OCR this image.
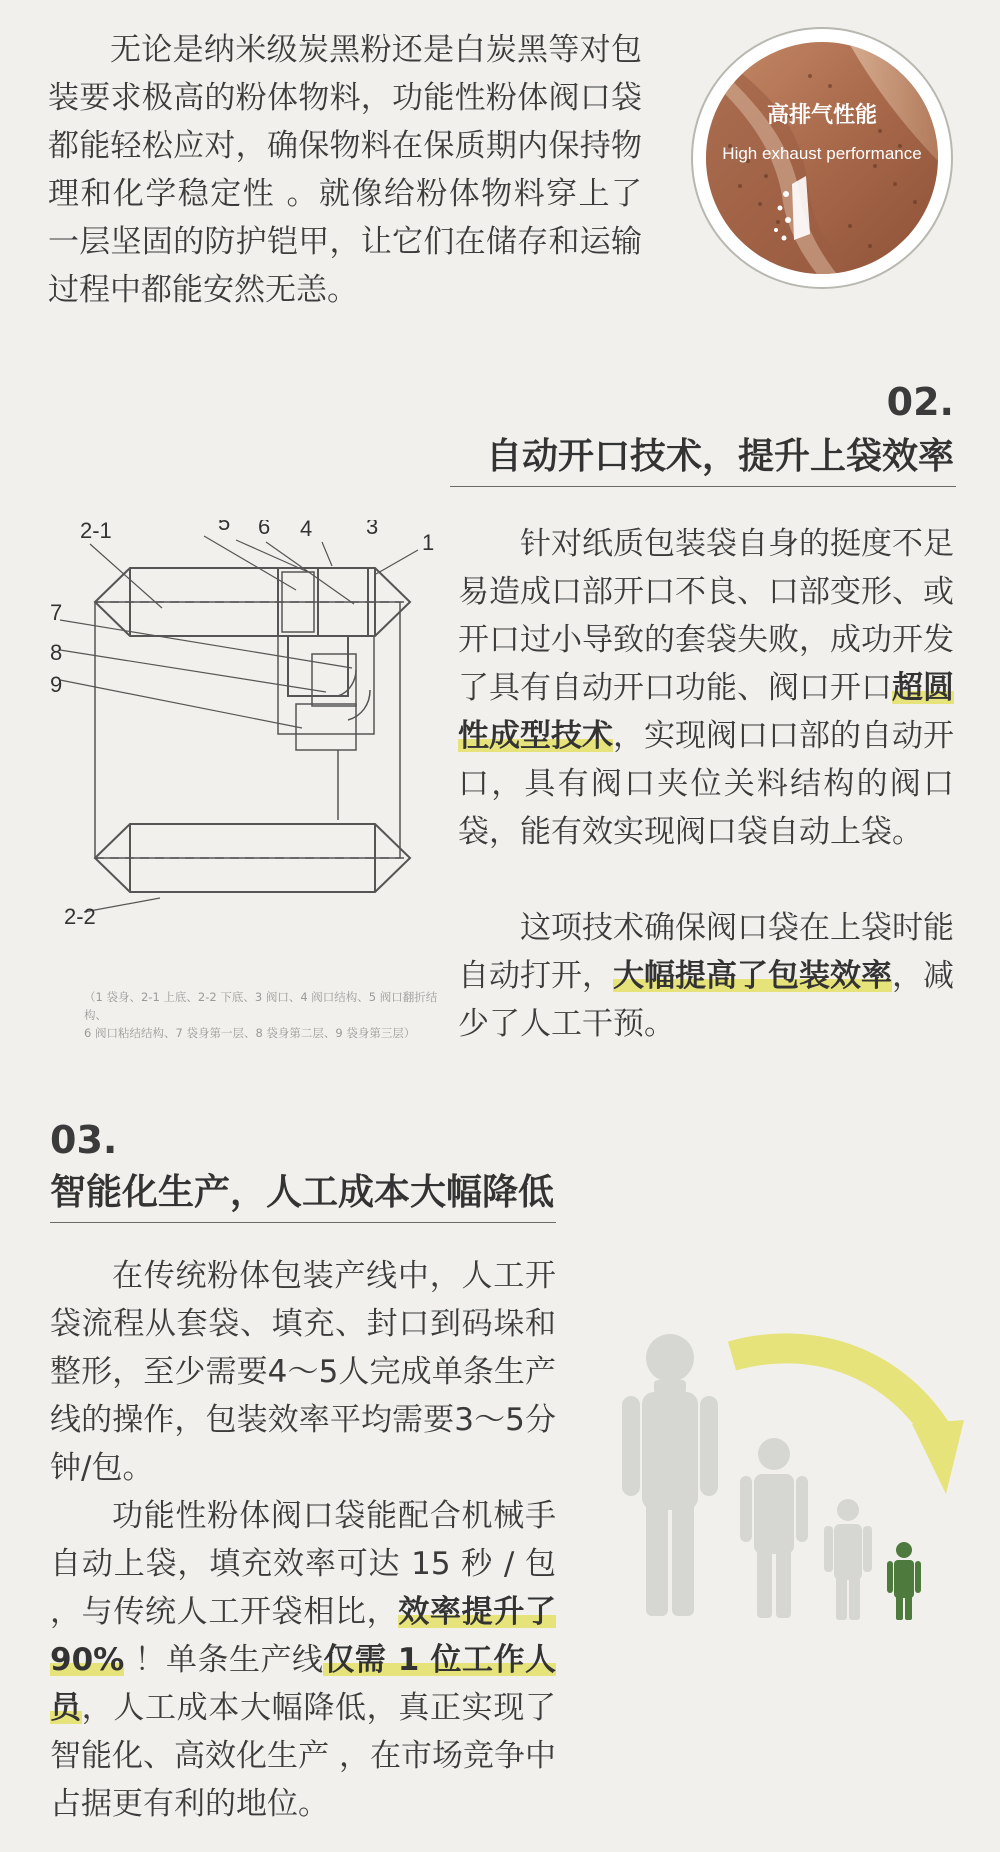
无论是纳米级炭黑粉还是白炭黑等对包装要求极高的粉体物料，功能性粉体阀口袋都能轻松应对，确保物料在保质期内保持物理和化学稳定性 。就像给粉体物料穿上了一层坚固的防护铠甲，让它们在储存和运输过程中都能安然无恙。

高排气性能
High exhaust performance
02.
自动开口技术，提升上袋效率
2-1	5 6 4 3
1
7
8
9
2-2

（1 袋身、2-1 上底、2-2 下底、3 阀口、4 阀口结构、5 阀口翻折结构、
6 阀口粘结结构、7 袋身第一层、8 袋身第二层、9 袋身第三层）

针对纸质包装袋自身的挺度不足易造成口部开口不良、口部变形、或开口过小导致的套袋失败，成功开发了具有自动开口功能、阀口开口超圆性成型技术，实现阀口口部的自动开口，具有阀口夹位关料结构的阀口袋，能有效实现阀口袋自动上袋。

这项技术确保阀口袋在上袋时能自动打开，大幅提高了包装效率，减少了人工干预。

03.
智能化生产，人工成本大幅降低

在传统粉体包装产线中，人工开袋流程从套袋、填充、封口到码垛和整形，至少需要4～5人完成单条生产线的操作，包装效率平均需要3～5分钟/包。

功能性粉体阀口袋能配合机械手自动上袋，填充效率可达 15 秒 / 包 ，与传统人工开袋相比，效率提升了 90% ！单条生产线仅需 1 位工作人员，人工成本大幅降低，真正实现了智能化、高效化生产 ，在市场竞争中占据更有利的地位。
